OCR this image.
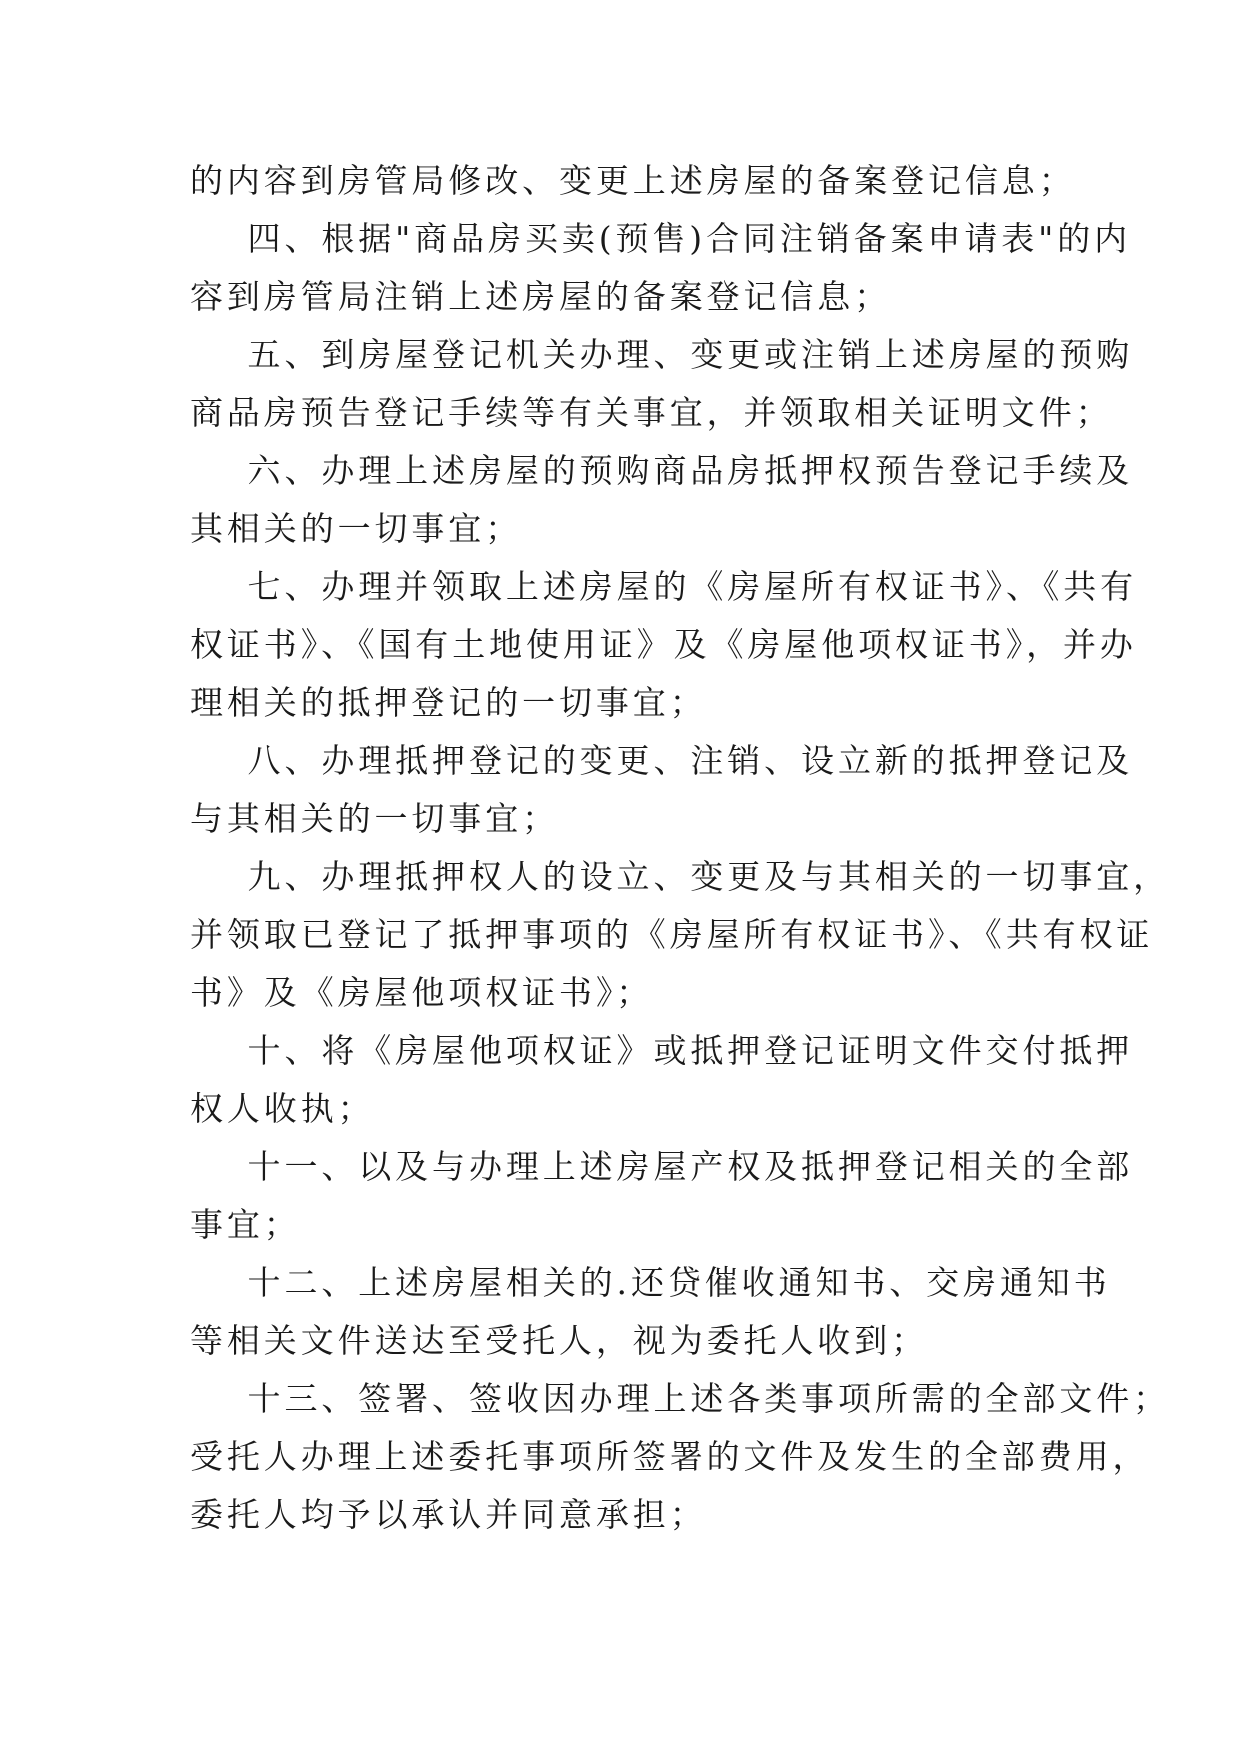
的内容到房管局修改、变更上述房屋的备案登记信息；

四、根据"商品房买卖(预售)合同注销备案申请表"的内

容到房管局注销上述房屋的备案登记信息；

五、到房屋登记机关办理、变更或注销上述房屋的预购

商品房预告登记手续等有关事宜，并领取相关证明文件；

六、办理上述房屋的预购商品房抵押权预告登记手续及

其相关的一切事宜；

七、办理并领取上述房屋的《房屋所有权证书》、《共有

权证书》、《国有土地使用证》及《房屋他项权证书》，并办

理相关的抵押登记的一切事宜；

八、办理抵押登记的变更、注销、设立新的抵押登记及

与其相关的一切事宜；

九、办理抵押权人的设立、变更及与其相关的一切事宜，

并领取已登记了抵押事项的《房屋所有权证书》、《共有权证

书》及《房屋他项权证书》；

十、将《房屋他项权证》或抵押登记证明文件交付抵押

权人收执；

十一、以及与办理上述房屋产权及抵押登记相关的全部

事宜；

十二、上述房屋相关的.还贷催收通知书、交房通知书

等相关文件送达至受托人，视为委托人收到；

十三、签署、签收因办理上述各类事项所需的全部文件；

受托人办理上述委托事项所签署的文件及发生的全部费用，

委托人均予以承认并同意承担；
